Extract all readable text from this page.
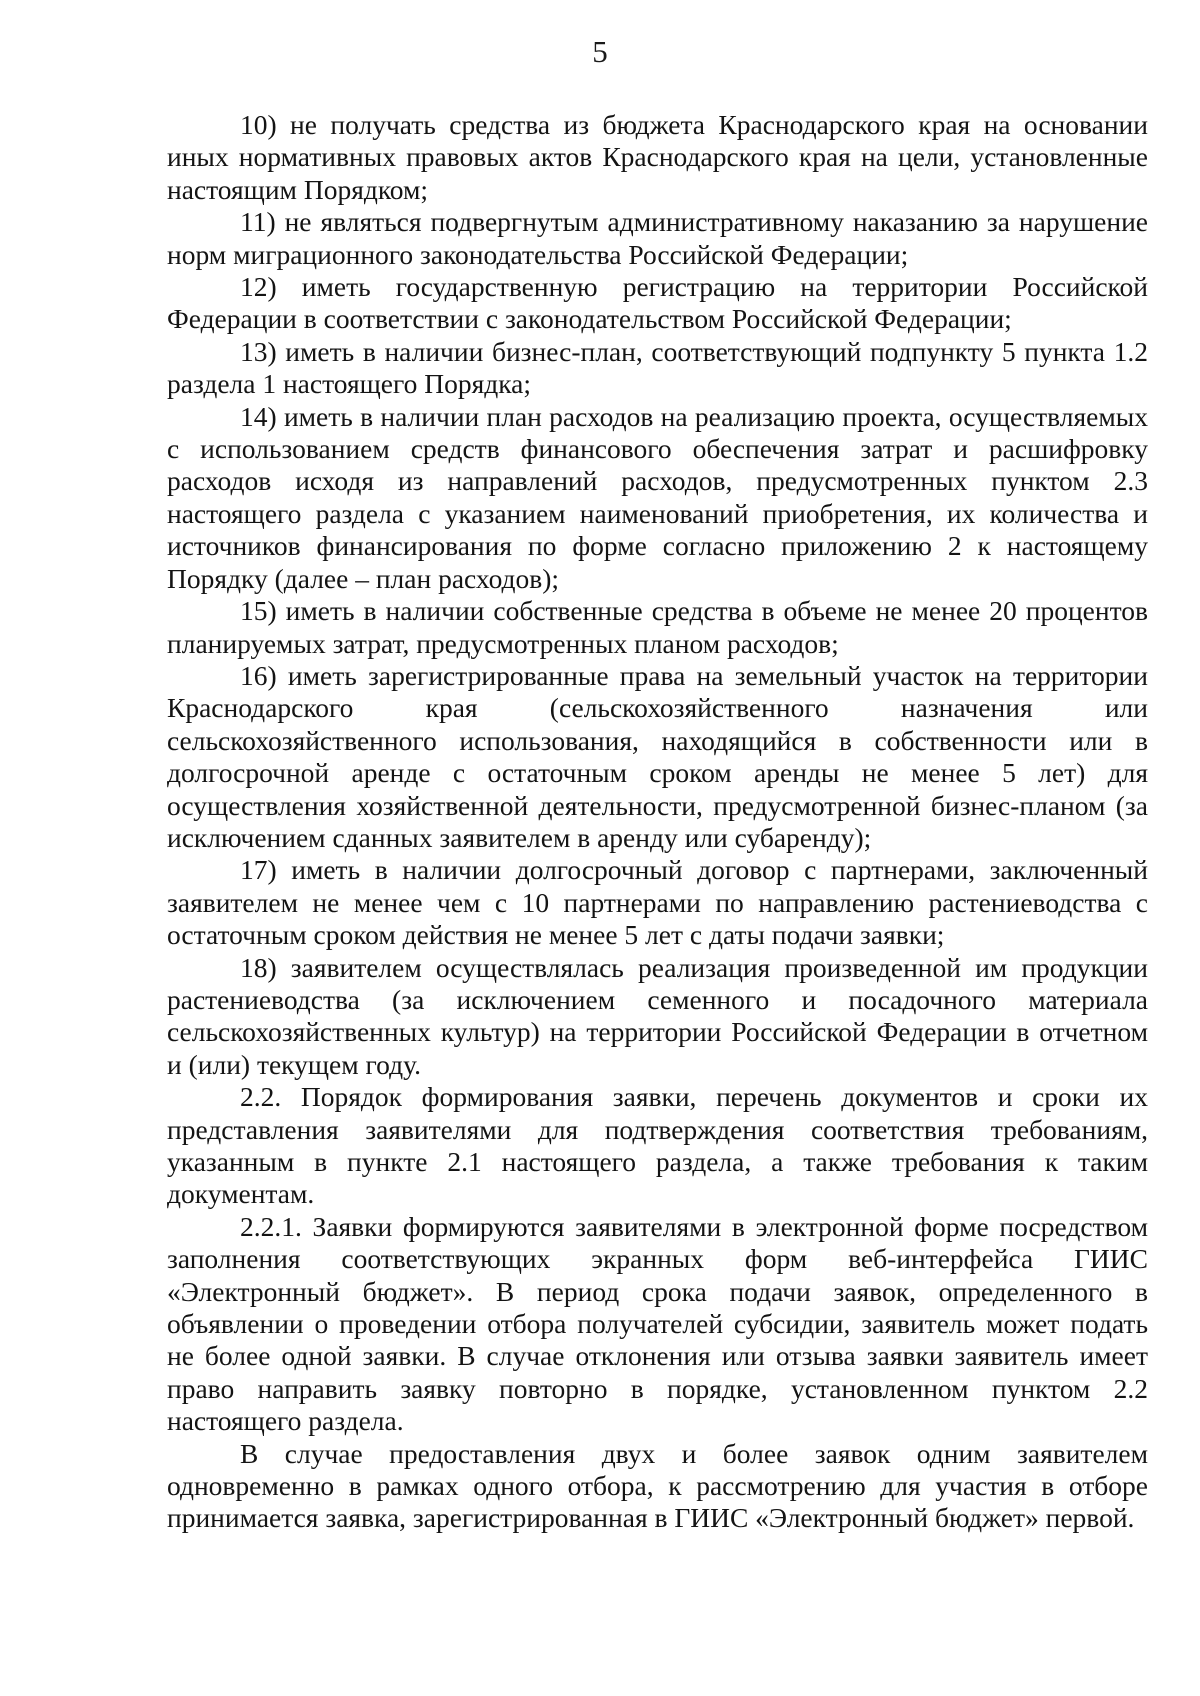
5

10) не получать средства из бюджета Краснодарского края на основании иных нормативных правовых актов Краснодарского края на цели, установленные настоящим Порядком;

11) не являться подвергнутым административному наказанию за нарушение норм миграционного законодательства Российской Федерации;

12) иметь государственную регистрацию на территории Российской Федерации в соответствии с законодательством Российской Федерации;

13) иметь в наличии бизнес-план, соответствующий подпункту 5 пункта 1.2 раздела 1 настоящего Порядка;

14) иметь в наличии план расходов на реализацию проекта, осуществляемых с использованием средств финансового обеспечения затрат и расшифровку расходов исходя из направлений расходов, предусмотренных пунктом 2.3 настоящего раздела с указанием наименований приобретения, их количества и источников финансирования по форме согласно приложению 2 к настоящему Порядку (далее – план расходов);

15) иметь в наличии собственные средства в объеме не менее 20 процентов планируемых затрат, предусмотренных планом расходов;

16) иметь зарегистрированные права на земельный участок на территории Краснодарского края (сельскохозяйственного назначения или сельскохозяйственного использования, находящийся в собственности или в долгосрочной аренде с остаточным сроком аренды не менее 5 лет) для осуществления хозяйственной деятельности, предусмотренной бизнес-планом (за исключением сданных заявителем в аренду или субаренду);

17) иметь в наличии долгосрочный договор с партнерами, заключенный заявителем не менее чем с 10 партнерами по направлению растениеводства с остаточным сроком действия не менее 5 лет с даты подачи заявки;

18) заявителем осуществлялась реализация произведенной им продукции растениеводства (за исключением семенного и посадочного материала сельскохозяйственных культур) на территории Российской Федерации в отчетном и (или) текущем году.

2.2. Порядок формирования заявки, перечень документов и сроки их представления заявителями для подтверждения соответствия требованиям, указанным в пункте 2.1 настоящего раздела, а также требования к таким документам.

2.2.1. Заявки формируются заявителями в электронной форме посредством заполнения соответствующих экранных форм веб-интерфейса ГИИС «Электронный бюджет». В период срока подачи заявок, определенного в объявлении о проведении отбора получателей субсидии, заявитель может подать не более одной заявки. В случае отклонения или отзыва заявки заявитель имеет право направить заявку повторно в порядке, установленном пунктом 2.2 настоящего раздела.

В случае предоставления двух и более заявок одним заявителем одновременно в рамках одного отбора, к рассмотрению для участия в отборе принимается заявка, зарегистрированная в ГИИС «Электронный бюджет» первой.
